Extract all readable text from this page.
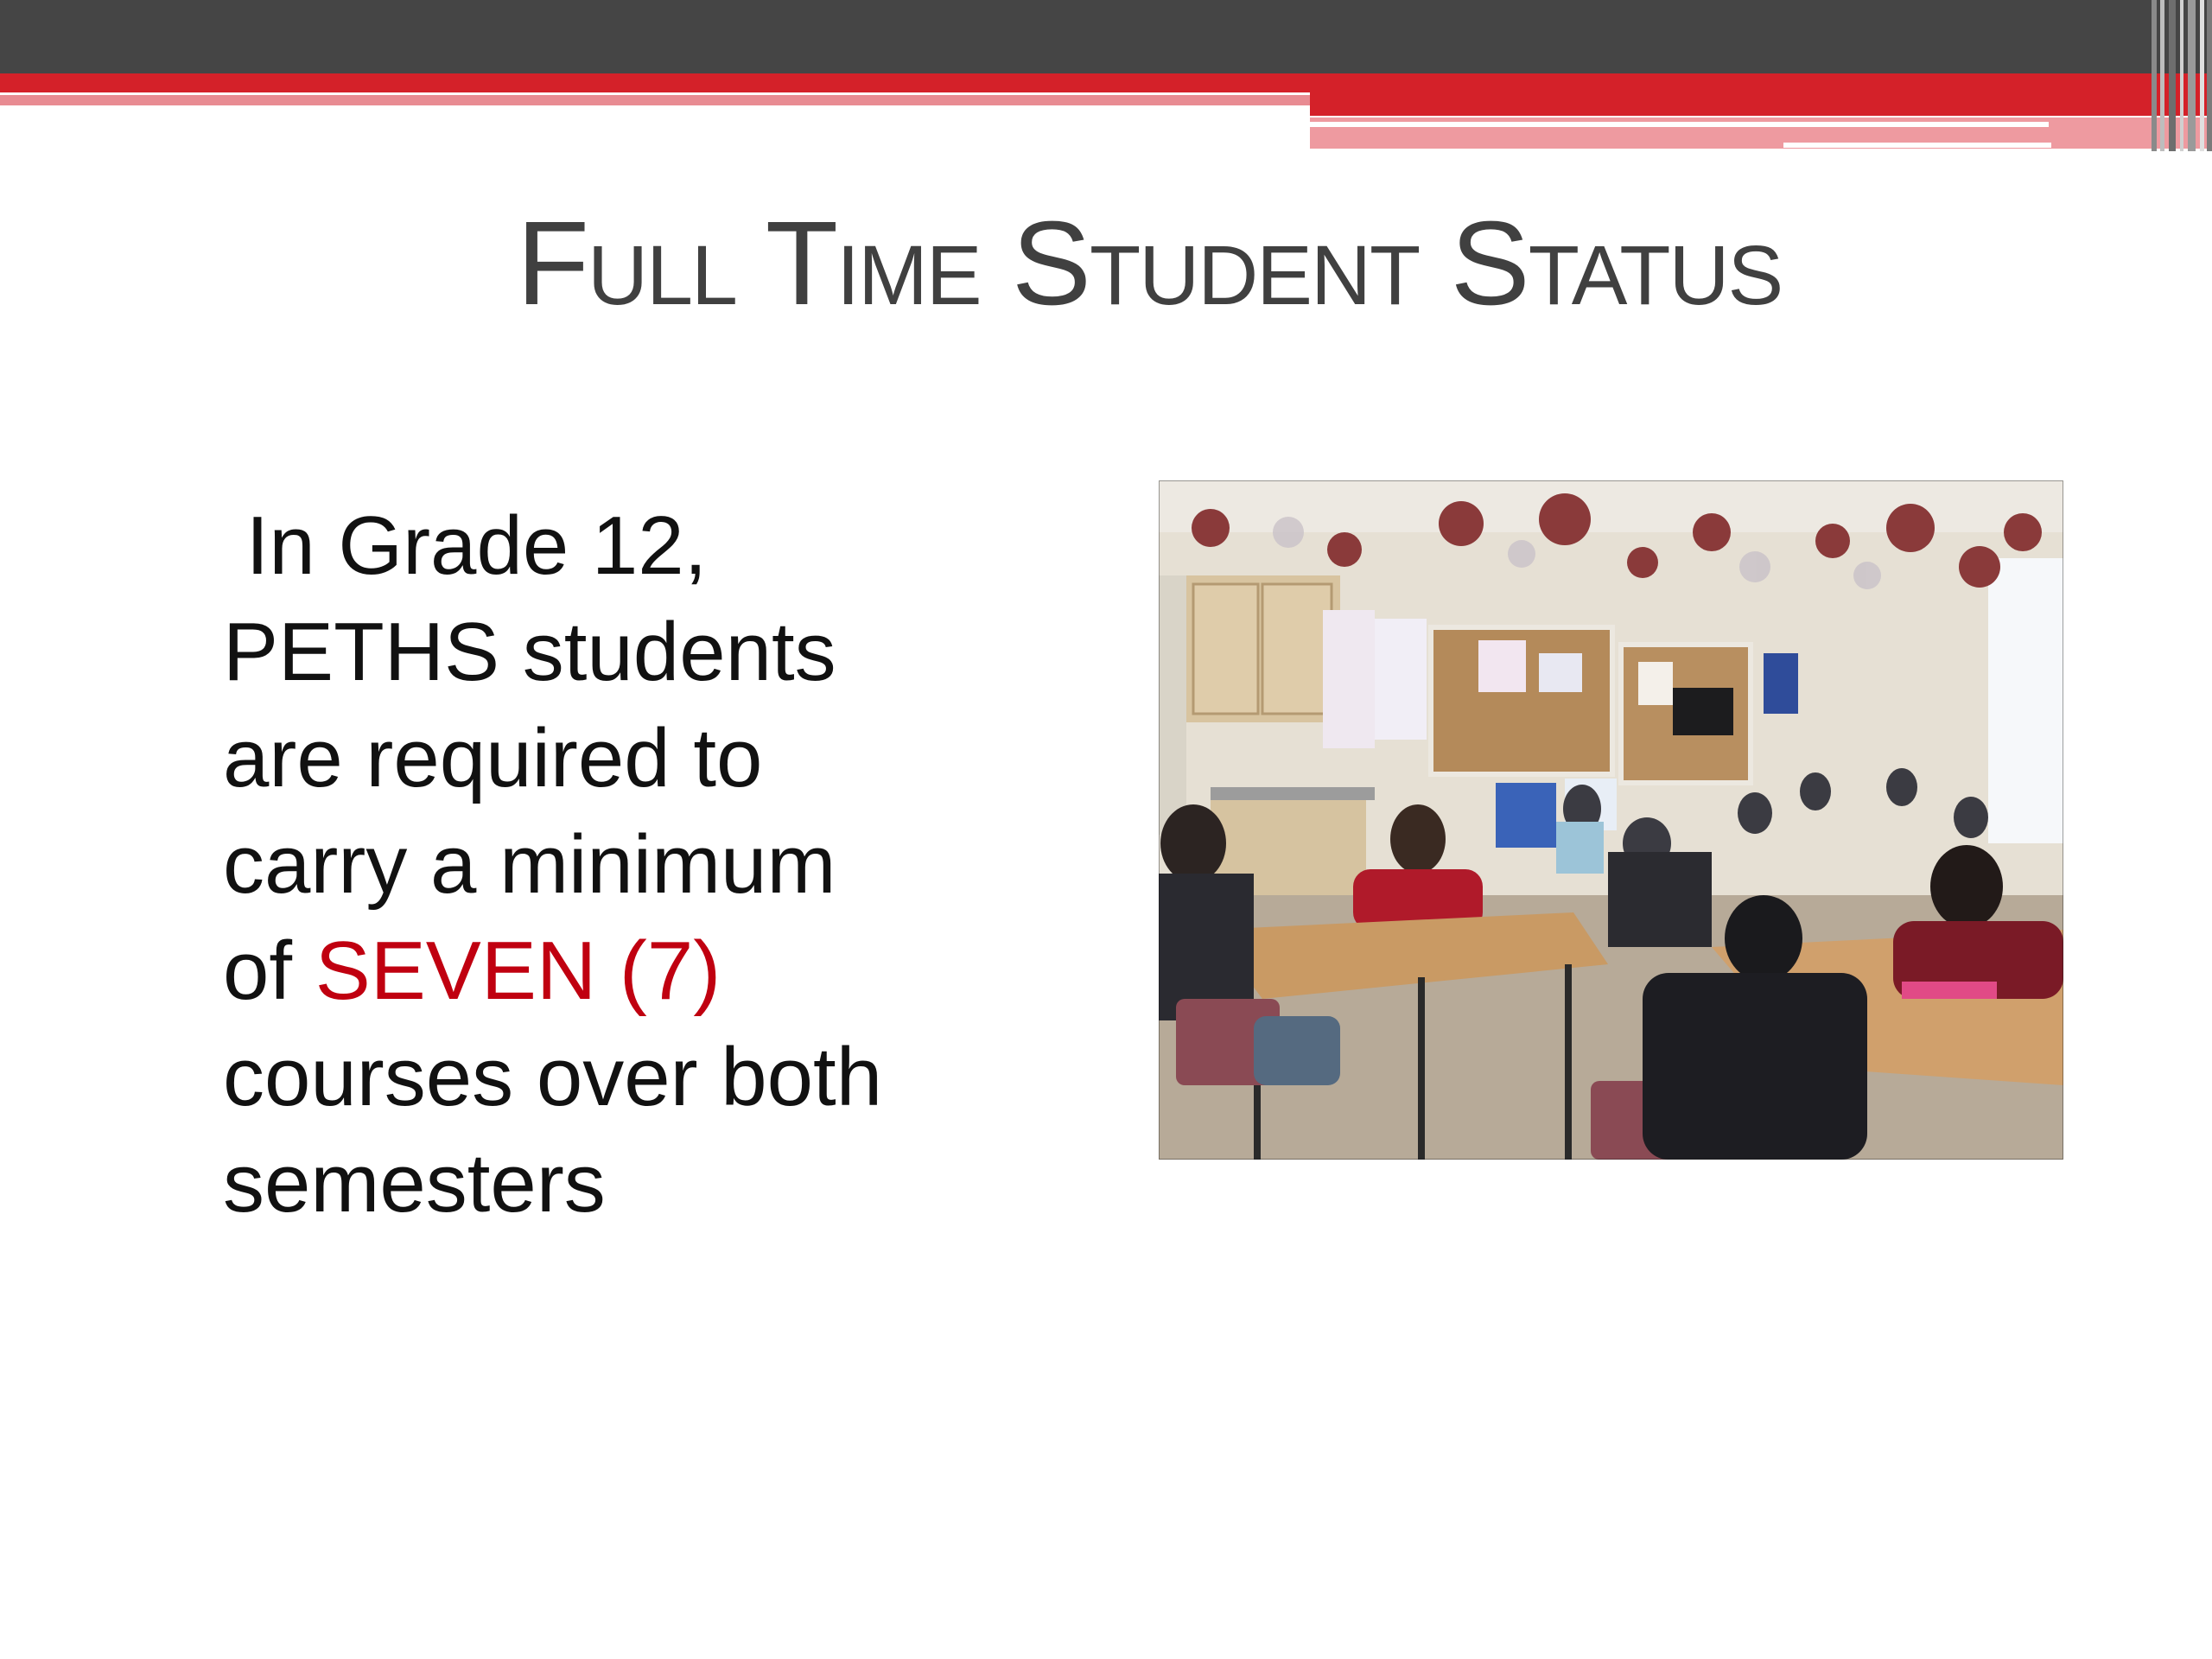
Full Time Student Status
In Grade 12,
PETHS students
are required to
carry a minimum
of SEVEN (7)
courses over both
semesters
